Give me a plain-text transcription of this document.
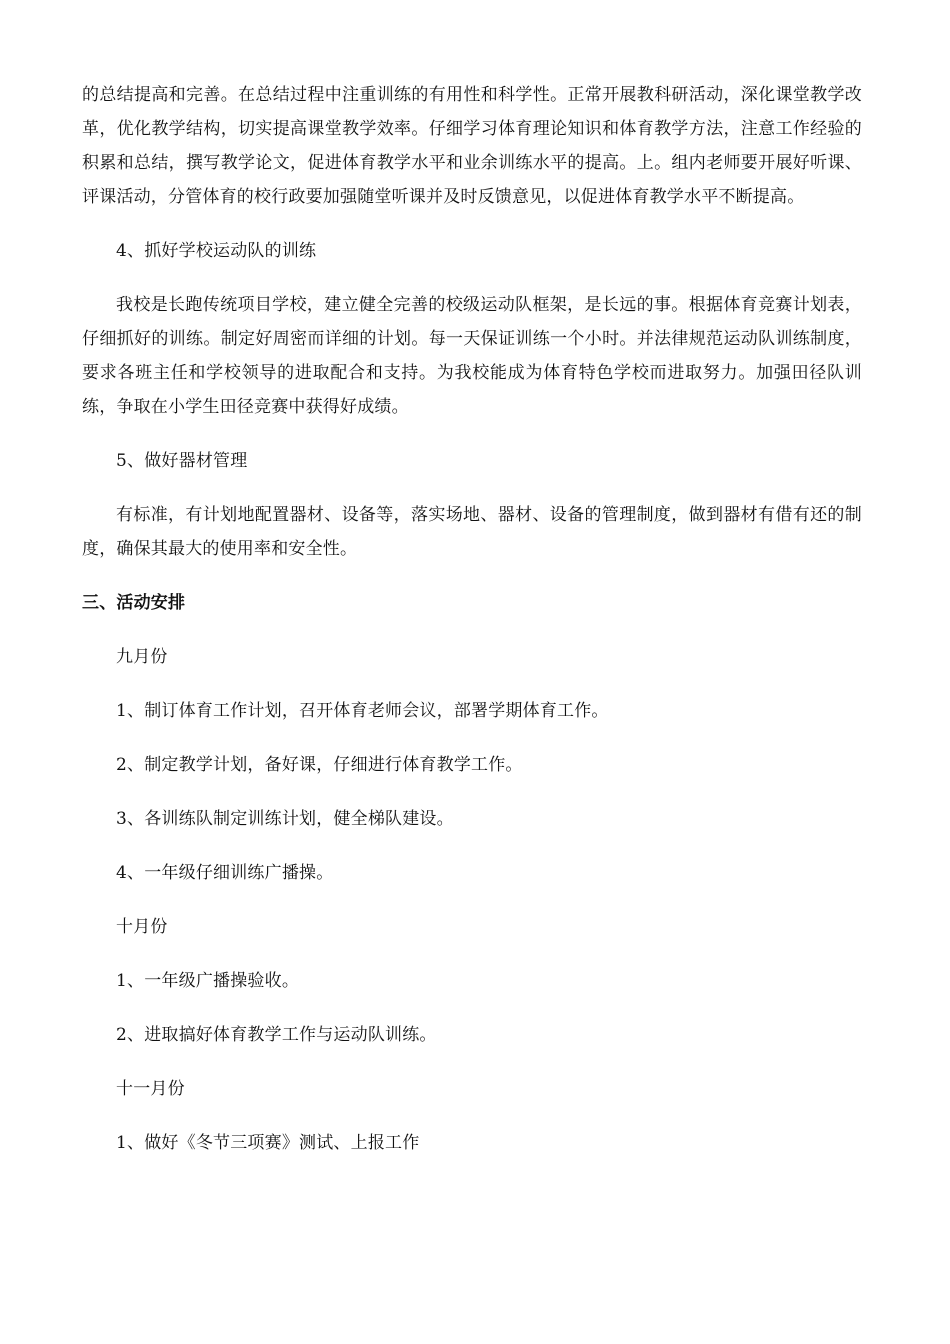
的总结提高和完善。在总结过程中注重训练的有用性和科学性。正常开展教科研活动，深化课堂教学改革，优化教学结构，切实提高课堂教学效率。仔细学习体育理论知识和体育教学方法，注意工作经验的积累和总结，撰写教学论文，促进体育教学水平和业余训练水平的提高。上。组内老师要开展好听课、评课活动，分管体育的校行政要加强随堂听课并及时反馈意见，以促进体育教学水平不断提高。

4、抓好学校运动队的训练

我校是长跑传统项目学校，建立健全完善的校级运动队框架，是长远的事。根据体育竞赛计划表，仔细抓好的训练。制定好周密而详细的计划。每一天保证训练一个小时。并法律规范运动队训练制度，要求各班主任和学校领导的进取配合和支持。为我校能成为体育特色学校而进取努力。加强田径队训练，争取在小学生田径竞赛中获得好成绩。

5、做好器材管理

有标准，有计划地配置器材、设备等，落实场地、器材、设备的管理制度，做到器材有借有还的制度，确保其最大的使用率和安全性。

三、活动安排

九月份

1、制订体育工作计划，召开体育老师会议，部署学期体育工作。

2、制定教学计划，备好课，仔细进行体育教学工作。

3、各训练队制定训练计划，健全梯队建设。

4、一年级仔细训练广播操。

十月份

1、一年级广播操验收。

2、进取搞好体育教学工作与运动队训练。

十一月份

1、做好《冬节三项赛》测试、上报工作
